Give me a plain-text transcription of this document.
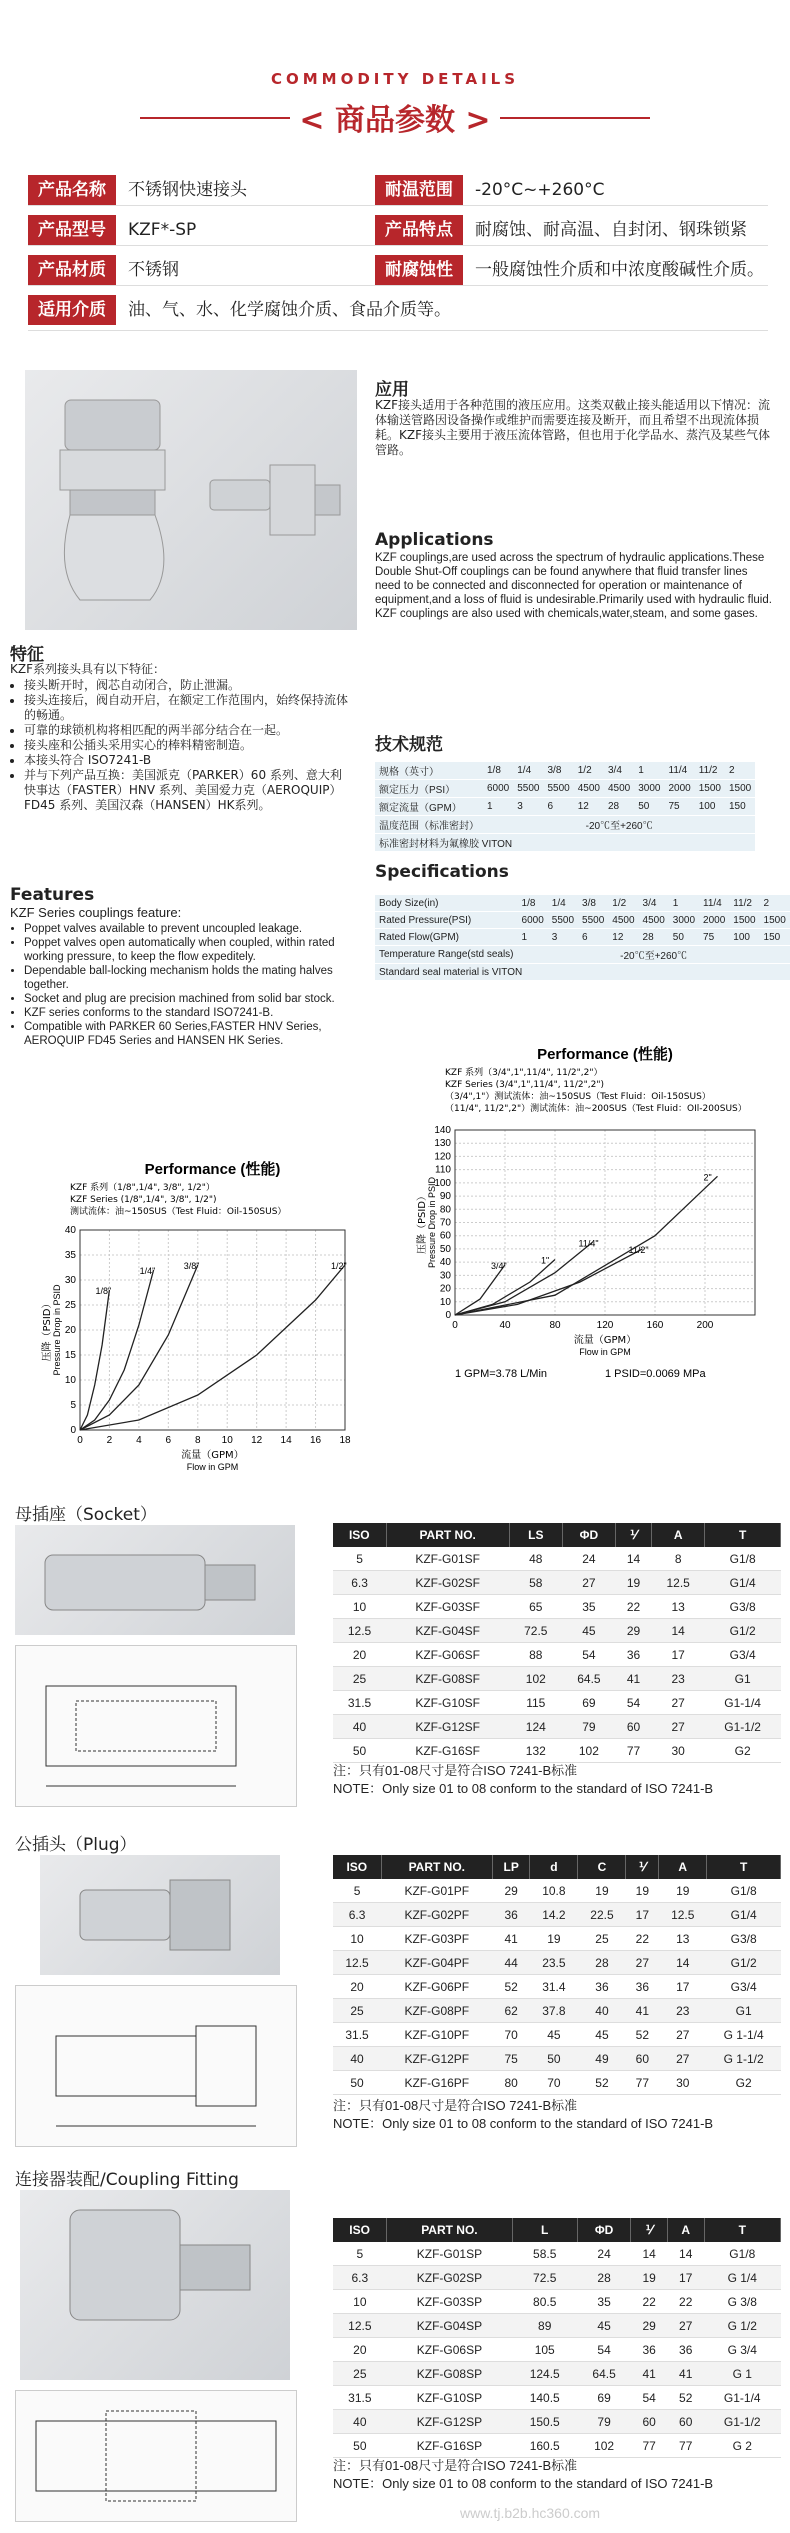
COMMODITY DETAILS
< 商品参数 >
产品名称	不锈钢快速接头	耐温范围	-20°C~+260°C
产品型号	KZF*-SP	产品特点	耐腐蚀、耐高温、自封闭、钢珠锁紧
产品材质	不锈钢	耐腐蚀性	一般腐蚀性介质和中浓度酸碱性介质。
适用介质	油、气、水、化学腐蚀介质、食品介质等。
应用
KZF接头适用于各种范围的液压应用。这类双截止接头能适用以下情况：流体输送管路因设备操作或维护而需要连接及断开，而且希望不出现流体损耗。KZF接头主要用于液压流体管路，但也用于化学品水、蒸汽及某些气体管路。
Applications
KZF couplings,are used across the spectrum of hydraulic applications.These Double Shut-Off couplings can be found anywhere that fluid transfer lines need to be connected and disconnected for operation or maintenance of equipment,and a loss of fluid is undesirable.Primarily used with hydraulic fluid. KZF couplings are also used with chemicals,water,steam, and some gases.
特征
KZF系列接头具有以下特征：
• 接头断开时，阀芯自动闭合，防止泄漏。
• 接头连接后，阀自动开启，在额定工作范围内，始终保持流体的畅通。
• 可靠的球锁机构将相匹配的两半部分结合在一起。
• 接头座和公插头采用实心的棒料精密制造。
• 本接头符合 ISO7241-B
• 并与下列产品互换：美国派克（PARKER）60 系列、意大利快事达（FASTER）HNV 系列、美国爱力克（AEROQUIP）FD45 系列、美国汉森（HANSEN）HK系列。
Features
KZF Series couplings feature:
• Poppet valves available to prevent uncoupled leakage.
• Poppet valves open automatically when coupled, within rated working pressure, to keep the flow expeditely.
• Dependable ball-locking mechanism holds the mating halves together.
• Socket and plug are precision machined from solid bar stock.
• KZF series conforms to the standard ISO7241-B.
• Compatible with PARKER 60 Series,FASTER HNV Series, AEROQUIP FD45 Series and HANSEN HK Series.
技术规范
规格（英寸）	1/8	1/4	3/8	1/2	3/4	1	11/4	11/2	2
额定压力（PSI）	6000	5500	5500	4500	4500	3000	2000	1500	1500
额定流量（GPM）	1	3	6	12	28	50	75	100	150
温度范围（标准密封）	-20℃至+260℃								
标准密封材料为氟橡胶 VITON									
Specifications
Body Size(in)	1/8	1/4	3/8	1/2	3/4	1	11/4	11/2	2
Rated Pressure(PSI)	6000	5500	5500	4500	4500	3000	2000	1500	1500
Rated Flow(GPM)	1	3	6	12	28	50	75	100	150
Temperature Range(std seals)	-20℃至+260℃								
Standard seal material is VITON									
Performance (性能)
KZF 系列（1/8",1/4", 3/8", 1/2"）
KZF Series (1/8",1/4", 3/8", 1/2")
测试流体：油~150SUS（Test Fluid：Oil-150SUS）
0 2 4 6 8 10 12 14 16 18
0
5
10
15
20
25
30
35
40
1/8"
1/4"	3/8"	1/2"
流量（GPM）
Flow in GPM
压降（PSID） Pressure Drop in PSID
Performance (性能)
KZF 系列（3/4",1",11/4", 11/2",2"）
KZF Series (3/4",1",11/4", 11/2",2")
（3/4",1"）测试流体：油~150SUS（Test Fluid：Oil-150SUS）
（11/4", 11/2",2"）测试流体：油~200SUS（Test Fluid：OIl-200SUS）
0	40	80	120	160	200
0
10
20
30
40
50
60
70
80
90
100
110
120
130
140
3/4"
1"
11/4"
11/2"
2"
流量（GPM）
Flow in GPM
压降（PSID） Pressure Drop in PSID
1 GPM=3.78 L/Min	1 PSID=0.0069 MPa
母插座（Socket）
ISO	PART NO.	LS	ΦD	⅟	A	T
5	KZF-G01SF	48	24	14	8	G1/8
6.3	KZF-G02SF	58	27	19	12.5	G1/4
10	KZF-G03SF	65	35	22	13	G3/8
12.5	KZF-G04SF	72.5	45	29	14	G1/2
20	KZF-G06SF	88	54	36	17	G3/4
25	KZF-G08SF	102	64.5	41	23	G1
31.5	KZF-G10SF	115	69	54	27	G1-1/4
40	KZF-G12SF	124	79	60	27	G1-1/2
50	KZF-G16SF	132	102	77	30	G2
注：只有01-08尺寸是符合ISO 7241-B标准
NOTE：Only size 01 to 08 conform to the standard of ISO 7241-B
公插头（Plug）
ISO	PART NO.	LP	d	C	⅟	A	T
5	KZF-G01PF	29	10.8	19	19	19	G1/8
6.3	KZF-G02PF	36	14.2	22.5	17	12.5	G1/4
10	KZF-G03PF	41	19	25	22	13	G3/8
12.5	KZF-G04PF	44	23.5	28	27	14	G1/2
20	KZF-G06PF	52	31.4	36	36	17	G3/4
25	KZF-G08PF	62	37.8	40	41	23	G1
31.5	KZF-G10PF	70	45	45	52	27	G 1-1/4
40	KZF-G12PF	75	50	49	60	27	G 1-1/2
50	KZF-G16PF	80	70	52	77	30	G2
注：只有01-08尺寸是符合ISO 7241-B标准
NOTE：Only size 01 to 08 conform to the standard of ISO 7241-B
连接器装配/Coupling Fitting
ISO	PART NO.	L	ΦD	⅟	A	T
5	KZF-G01SP	58.5	24	14	14	G1/8
6.3	KZF-G02SP	72.5	28	19	17	G 1/4
10	KZF-G03SP	80.5	35	22	22	G 3/8
12.5	KZF-G04SP	89	45	29	27	G 1/2
20	KZF-G06SP	105	54	36	36	G 3/4
25	KZF-G08SP	124.5	64.5	41	41	G 1
31.5	KZF-G10SP	140.5	69	54	52	G1-1/4
40	KZF-G12SP	150.5	79	60	60	G1-1/2
50	KZF-G16SP	160.5	102	77	77	G 2
注：只有01-08尺寸是符合ISO 7241-B标准
NOTE：Only size 01 to 08 conform to the standard of ISO 7241-B
www.tj.b2b.hc360.com
